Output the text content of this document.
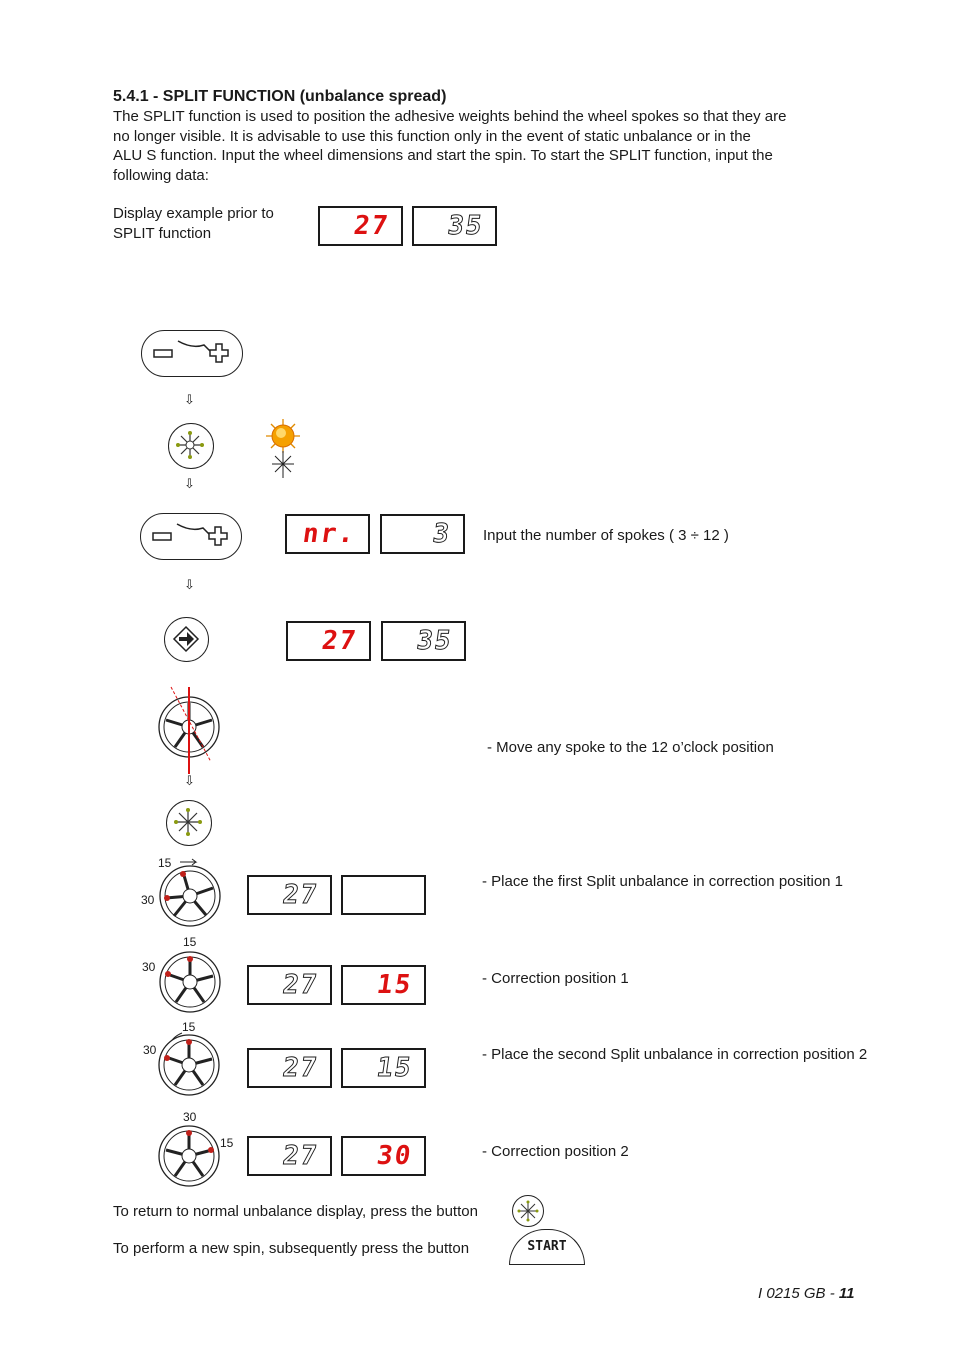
5.4.1 - SPLIT FUNCTION (unbalance spread)
The SPLIT function is used to position the adhesive weights behind the wheel spokes so that they are
no longer visible. It is advisable to use this function only in the event of static unbalance or in the
ALU S function. Input the wheel dimensions and start the spin. To start the SPLIT function, input the
following data:
Display example prior to
SPLIT function	27 35
⇩
⇩
nr.	3 Input the number of spokes ( 3 ÷ 12 )
⇩
27 35
- Move any spoke to the 12 o’clock position
⇩
15
30	27	- Place the first Split unbalance in correction position 1
15
30
27 15	- Correction position 1
15
30
27 15	- Place the second Split unbalance in correction position 2
30
15 27 30	- Correction position 2
To return to normal unbalance display, press the button
To perform a new spin, subsequently press the button	START
I 0215 GB - 11
